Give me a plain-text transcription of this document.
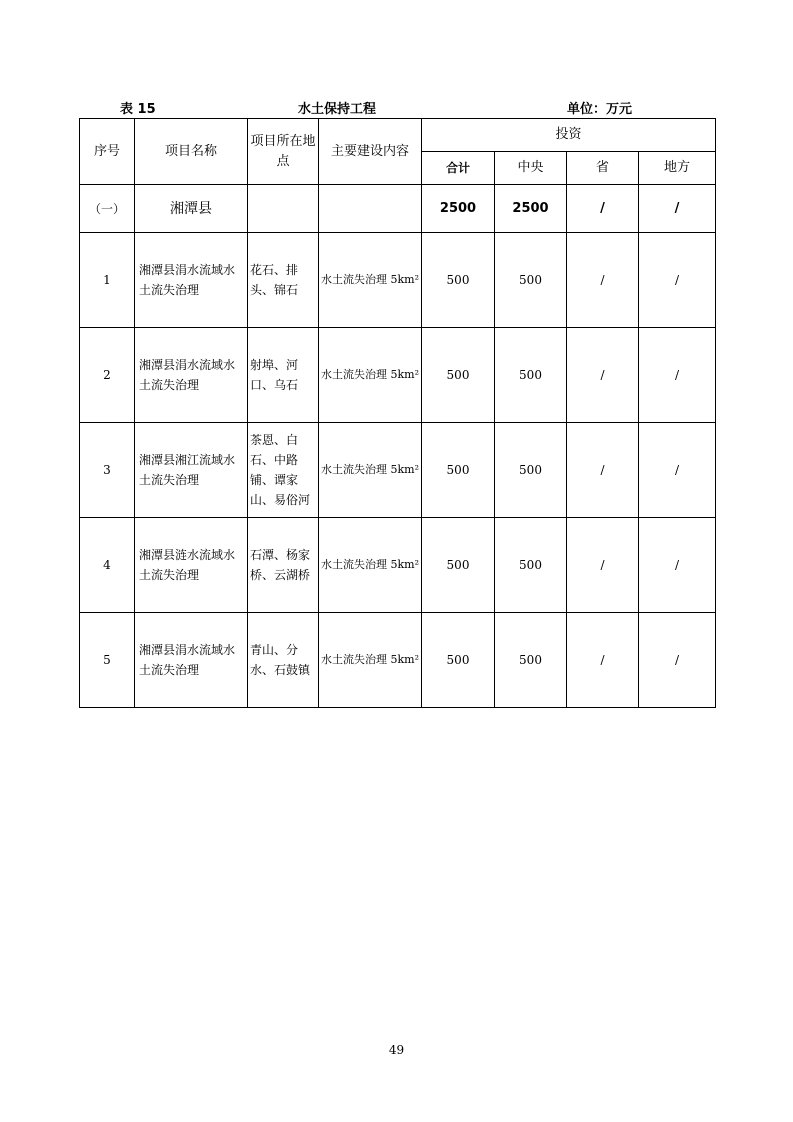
表 15	水土保持工程	单位：万元
序号	项目名称	项目所在地点	主要建设内容	投资			
				合计	中央	省	地方
（一）	湘潭县			2500	2500	/	/
1	湘潭县涓水流域水土流失治理	花石、排头、锦石	水土流失治理 5km²	500	500	/	/
2	湘潭县涓水流域水土流失治理	射埠、河口、乌石	水土流失治理 5km²	500	500	/	/
3	湘潭县湘江流域水土流失治理	茶恩、白石、中路铺、谭家山、易俗河	水土流失治理 5km²	500	500	/	/
4	湘潭县涟水流域水土流失治理	石潭、杨家桥、云湖桥	水土流失治理 5km²	500	500	/	/
5	湘潭县涓水流域水土流失治理	青山、分水、石鼓镇	水土流失治理 5km²	500	500	/	/
49
